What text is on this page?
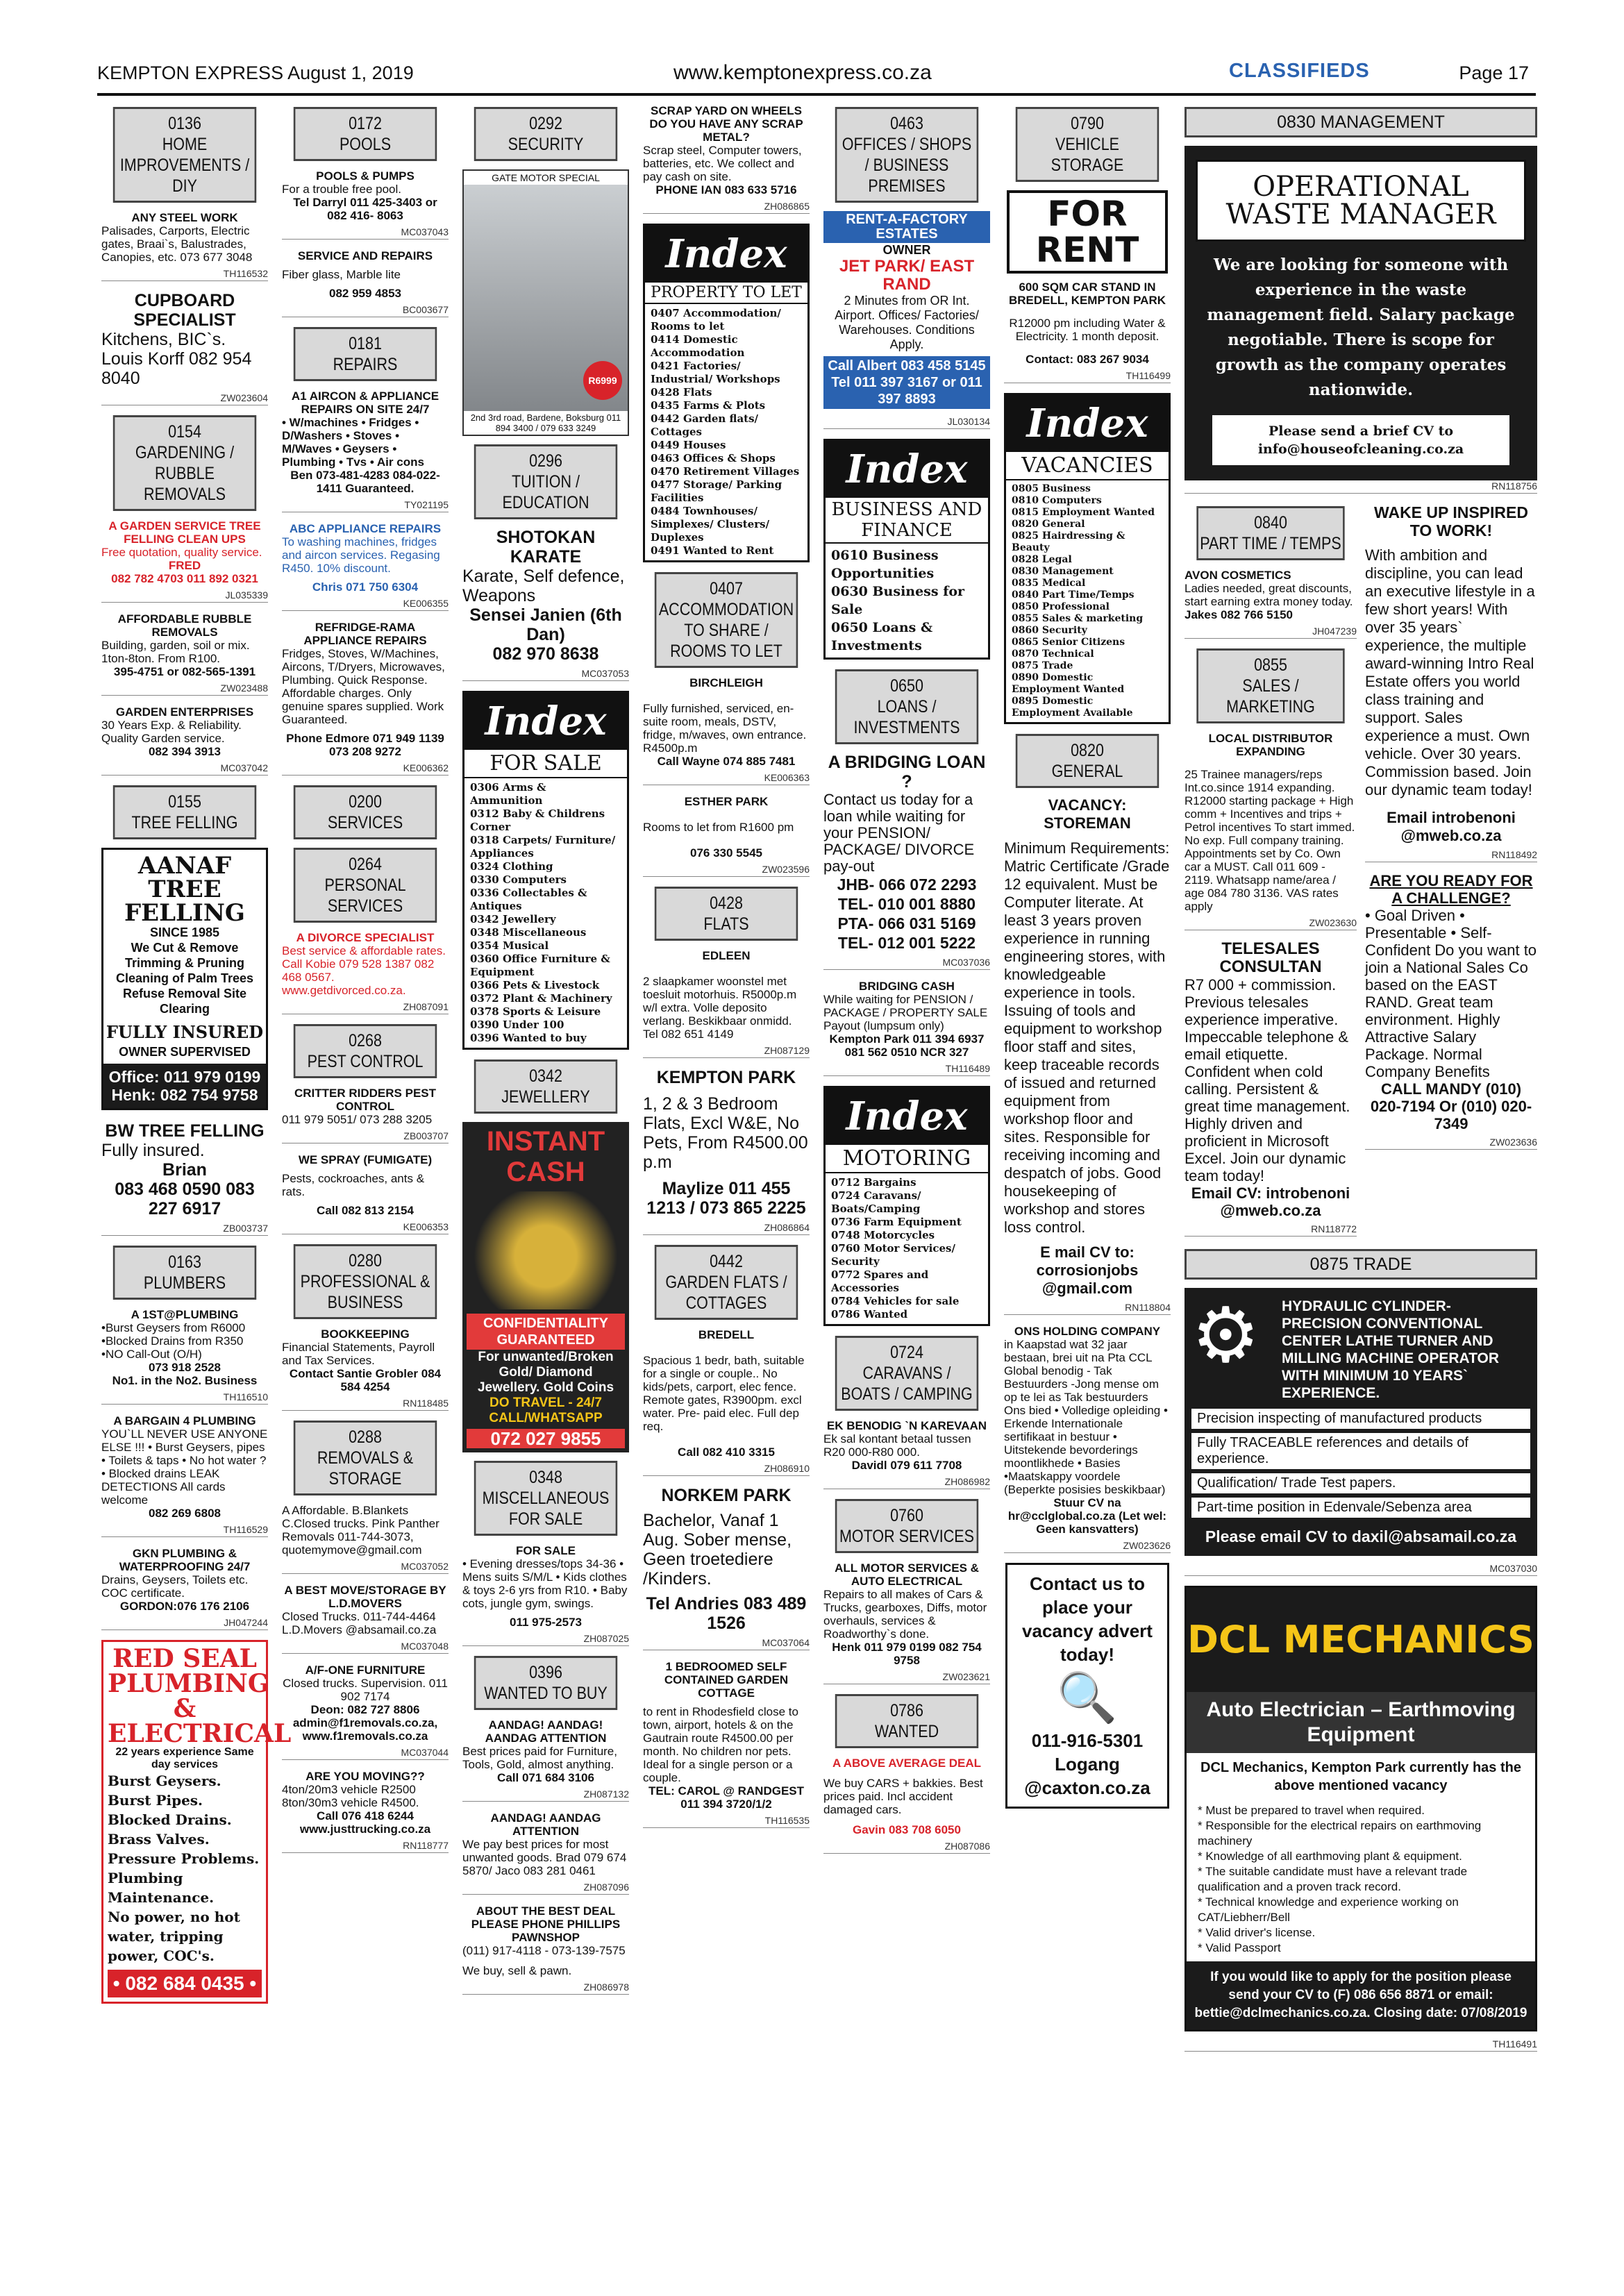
KEMPTON EXPRESS August 1, 2019	www.kemptonexpress.co.za	CLASSIFIEDS	Page 17
0136
HOME IMPROVEMENTS / DIY
ANY STEEL WORK
Palisades, Carports, Electric gates, Braai`s, Balustrades, Canopies, etc. 073 677 3048
TH116532
CUPBOARD SPECIALIST
Kitchens, BIC`s. Louis Korff 082 954 8040
ZW023604
0154
GARDENING / RUBBLE REMOVALS
A GARDEN SERVICE TREE FELLING CLEAN UPS
Free quotation, quality service.
FRED
082 782 4703 011 892 0321
JL035339
AFFORDABLE RUBBLE REMOVALS
Building, garden, soil or mix. 1ton-8ton. From R100.
395-4751 or 082-565-1391
ZW023488
GARDEN ENTERPRISES
30 Years Exp. & Reliability. Quality Garden service.
082 394 3913
MC037042
0155
TREE FELLING
AANAF TREE FELLING
SINCE 1985
We Cut & Remove Trimming & Pruning Cleaning of Palm Trees Refuse Removal Site Clearing
FULLY INSURED
OWNER SUPERVISED
Office: 011 979 0199
Henk: 082 754 9758
BW TREE FELLING
Fully insured.
Brian
083 468 0590 083 227 6917
ZB003737
0163
PLUMBERS
A 1ST@PLUMBING
•Burst Geysers from R6000 •Blocked Drains from R350 •NO Call-Out (O/H)
073 918 2528
No1. in the No2. Business
TH116510
A BARGAIN 4 PLUMBING
YOU`LL NEVER USE ANYONE ELSE !!! • Burst Geysers, pipes • Toilets & taps • No hot water ? • Blocked drains LEAK DETECTIONS All cards welcome
082 269 6808
TH116529
GKN PLUMBING & WATERPROOFING 24/7
Drains, Geysers, Toilets etc. COC certificate.
GORDON:076 176 2106
JH047244
RED SEAL PLUMBING & ELECTRICAL
22 years experience Same day services
Burst Geysers.
Burst Pipes.
Blocked Drains.
Brass Valves.
Pressure Problems.
Plumbing Maintenance.
No power, no hot water, tripping power, COC's.
• 082 684 0435 •
0172
POOLS
POOLS & PUMPS
For a trouble free pool.
Tel Darryl 011 425-3403 or 082 416- 8063
MC037043
SERVICE AND REPAIRS
Fiber glass, Marble lite
082 959 4853
BC003677
0181
REPAIRS
A1 AIRCON & APPLIANCE REPAIRS ON SITE 24/7
• W/machines • Fridges • D/Washers • Stoves • M/Waves • Geysers • Plumbing • Tvs • Air cons
Ben 073-481-4283 084-022-1411 Guaranteed.
TY021195
ABC APPLIANCE REPAIRS
To washing machines, fridges and aircon services. Regasing R450. 10% discount.
Chris 071 750 6304
KE006355
REFRIDGE-RAMA APPLIANCE REPAIRS
Fridges, Stoves, W/Machines, Aircons, T/Dryers, Microwaves, Plumbing. Quick Response. Affordable charges. Only genuine spares supplied. Work Guaranteed.
Phone Edmore 071 949 1139 073 208 9272
KE006362
0200
SERVICES
0264
PERSONAL SERVICES
A DIVORCE SPECIALIST
Best service & affordable rates. Call Kobie 079 528 1387 082 468 0567. www.getdivorced.co.za.
ZH087091
0268
PEST CONTROL
CRITTER RIDDERS PEST CONTROL
011 979 5051/ 073 288 3205
ZB003707
WE SPRAY (FUMIGATE)
Pests, cockroaches, ants & rats.
Call 082 813 2154
KE006353
0280
PROFESSIONAL & BUSINESS
BOOKKEEPING
Financial Statements, Payroll and Tax Services.
Contact Santie Grobler 084 584 4254
RN118485
0288
REMOVALS & STORAGE
A Affordable. B.Blankets C.Closed trucks. Pink Panther Removals 011-744-3073, quotemymove@gmail.com
MC037052
A BEST MOVE/STORAGE BY L.D.MOVERS
Closed Trucks. 011-744-4464 L.D.Movers @absamail.co.za
MC037048
A/F-ONE FURNITURE
Closed trucks. Supervision. 011 902 7174
Deon: 082 727 8806 admin@f1removals.co.za, www.f1removals.co.za
MC037044
ARE YOU MOVING??
4ton/20m3 vehicle R2500 8ton/30m3 vehicle R4500.
Call 076 418 6244 www.justtrucking.co.za
RN118777
0292
SECURITY
GATE MOTOR SPECIAL
R6999
2nd 3rd road, Bardene, Boksburg 011 894 3400 / 079 633 3249
0296
TUITION / EDUCATION
SHOTOKAN KARATE
Karate, Self defence, Weapons
Sensei Janien (6th Dan)
082 970 8638
MC037053
Index
FOR SALE
0306 Arms & Ammunition
0312 Baby & Childrens Corner
0318 Carpets/ Furniture/ Appliances
0324 Clothing
0330 Computers
0336 Collectables & Antiques
0342 Jewellery
0348 Miscellaneous
0354 Musical
0360 Office Furniture & Equipment
0366 Pets & Livestock
0372 Plant & Machinery
0378 Sports & Leisure
0390 Under 100
0396 Wanted to buy
0342
JEWELLERY
INSTANT CASH
CONFIDENTIALITY GUARANTEED
For unwanted/Broken Gold/ Diamond Jewellery. Gold Coins
DO TRAVEL - 24/7 CALL/WHATSAPP
072 027 9855
0348
MISCELLANEOUS FOR SALE
FOR SALE
• Evening dresses/tops 34-36 • Mens suits S/M/L • Kids clothes & toys 2-6 yrs from R10. • Baby cots, jungle gym, swings.
011 975-2573
ZH087025
0396
WANTED TO BUY
AANDAG! AANDAG! AANDAG ATTENTION
Best prices paid for Furniture, Tools, Gold, almost anything.
Call 071 684 3106
ZH087132
AANDAG! AANDAG ATTENTION
We pay best prices for most unwanted goods. Brad 079 674 5870/ Jaco 083 281 0461
ZH087096
ABOUT THE BEST DEAL PLEASE PHONE PHILLIPS PAWNSHOP
(011) 917-4118 - 073-139-7575
We buy, sell & pawn.
ZH086978
SCRAP YARD ON WHEELS DO YOU HAVE ANY SCRAP METAL?
Scrap steel, Computer towers, batteries, etc. We collect and pay cash on site.
PHONE IAN 083 633 5716
ZH086865
Index
PROPERTY TO LET
0407 Accommodation/ Rooms to let
0414 Domestic Accommodation
0421 Factories/ Industrial/ Workshops
0428 Flats
0435 Farms & Plots
0442 Garden flats/ Cottages
0449 Houses
0463 Offices & Shops
0470 Retirement Villages
0477 Storage/ Parking Facilities
0484 Townhouses/ Simplexes/ Clusters/ Duplexes
0491 Wanted to Rent
0407
ACCOMMODATION TO SHARE / ROOMS TO LET
BIRCHLEIGH
Fully furnished, serviced, en-suite room, meals, DSTV, fridge, m/waves, own entrance. R4500p.m
Call Wayne 074 885 7481
KE006363
ESTHER PARK
Rooms to let from R1600 pm
076 330 5545
ZW023596
0428
FLATS
EDLEEN
2 slaapkamer woonstel met toesluit motorhuis. R5000p.m w/l extra. Volle deposito verlang. Beskikbaar onmidd. Tel 082 651 4149
ZH087129
KEMPTON PARK
1, 2 & 3 Bedroom Flats, Excl W&E, No Pets, From R4500.00 p.m
Maylize 011 455 1213 / 073 865 2225
ZH086864
0442
GARDEN FLATS / COTTAGES
BREDELL
Spacious 1 bedr, bath, suitable for a single or couple.. No kids/pets, carport, elec fence. Remote gates, R3900pm. excl water. Pre- paid elec. Full dep req.
Call 082 410 3315
ZH086910
NORKEM PARK
Bachelor, Vanaf 1 Aug. Sober mense, Geen troetediere /Kinders.
Tel Andries 083 489 1526
MC037064
1 BEDROOMED SELF CONTAINED GARDEN COTTAGE
to rent in Rhodesfield close to town, airport, hotels & on the Gautrain route R4500.00 per month. No children nor pets. Ideal for a single person or a couple.
TEL: CAROL @ RANDGEST 011 394 3720/1/2
TH116535
0463
OFFICES / SHOPS / BUSINESS PREMISES
RENT-A-FACTORY ESTATES
OWNER
JET PARK/ EAST RAND
2 Minutes from OR Int. Airport. Offices/ Factories/ Warehouses. Conditions Apply.
Call Albert 083 458 5145 Tel 011 397 3167 or 011 397 8893
JL030134
Index
BUSINESS AND FINANCE
0610 Business Opportunities
0630 Business for Sale
0650 Loans & Investments
0650
LOANS / INVESTMENTS
A BRIDGING LOAN ?
Contact us today for a loan while waiting for your PENSION/ PACKAGE/ DIVORCE pay-out
JHB- 066 072 2293 TEL- 010 001 8880 PTA- 066 031 5169 TEL- 012 001 5222
MC037036
BRIDGING CASH
While waiting for PENSION / PACKAGE / PROPERTY SALE Payout (lumpsum only)
Kempton Park 011 394 6937 081 562 0510 NCR 327
TH116489
Index
MOTORING
0712 Bargains
0724 Caravans/ Boats/Camping
0736 Farm Equipment
0748 Motorcycles
0760 Motor Services/ Security
0772 Spares and Accessories
0784 Vehicles for sale
0786 Wanted
0724
CARAVANS / BOATS / CAMPING
EK BENODIG `N KAREVAAN
Ek sal kontant betaal tussen R20 000-R80 000.
Davidl 079 611 7708
ZH086982
0760
MOTOR SERVICES
ALL MOTOR SERVICES & AUTO ELECTRICAL
Repairs to all makes of Cars & Trucks, gearboxes, Diffs, motor overhauls, services & Roadworthy`s done.
Henk 011 979 0199 082 754 9758
ZW023621
0786
WANTED
A ABOVE AVERAGE DEAL
We buy CARS + bakkies. Best prices paid. Incl accident damaged cars.
Gavin 083 708 6050
ZH087086
0790
VEHICLE STORAGE
FOR RENT
600 SQM CAR STAND IN BREDELL, KEMPTON PARK
R12000 pm including Water & Electricity. 1 month deposit.
Contact: 083 267 9034
TH116499
Index
VACANCIES
0805 Business
0810 Computers
0815 Employment Wanted
0820 General
0825 Hairdressing & Beauty
0828 Legal
0830 Management
0835 Medical
0840 Part Time/Temps
0850 Professional
0855 Sales & marketing
0860 Security
0865 Senior Citizens
0870 Technical
0875 Trade
0890 Domestic Employment Wanted
0895 Domestic Employment Available
0820
GENERAL
VACANCY: STOREMAN
Minimum Requirements: Matric Certificate /Grade 12 equivalent. Must be Computer literate. At least 3 years proven experience in running engineering stores, with knowledgeable experience in tools. Issuing of tools and equipment to workshop floor staff and sites, keep traceable records of issued and returned equipment from workshop floor and sites. Responsible for receiving incoming and despatch of jobs. Good housekeeping of workshop and stores loss control.
E mail CV to: corrosionjobs @gmail.com
RN118804
ONS HOLDING COMPANY
in Kaapstad wat 32 jaar bestaan, brei uit na Pta CCL Global benodig - Tak Bestuurders -Jong mense om op te lei as Tak bestuurders Ons bied • Volledige opleiding • Erkende Internationale sertifikaat in bestuur • Uitstekende bevorderings moontlikhede • Basies •Maatskappy voordele (Beperkte posisies beskikbaar)
Stuur CV na hr@cclglobal.co.za (Let wel: Geen kansvatters)
ZW023626
Contact us to place your vacancy advert today!
🔍
011-916-5301
Logang
@caxton.co.za
0830 MANAGEMENT
OPERATIONAL WASTE MANAGER
We are looking for someone with experience in the waste management field. Salary package negotiable. There is scope for growth as the company operates nationwide.
Please send a brief CV to info@houseofcleaning.co.za
RN118756
0840
PART TIME / TEMPS
AVON COSMETICS
Ladies needed, great discounts, start earning extra money today.
Jakes 082 766 5150
JH047239
0855
SALES / MARKETING
LOCAL DISTRIBUTOR EXPANDING
25 Trainee managers/reps Int.co.since 1914 expanding. R12000 starting package + High comm + Incentives and trips + Petrol incentives To start immed. No exp. Full company training. Appointments set by Co. Own car a MUST. Call 011 609 - 2119. Whatsapp name/area / age 084 780 3136. VAS rates apply
ZW023630
TELESALES CONSULTAN
R7 000 + commission. Previous telesales experience imperative. Impeccable telephone & email etiquette. Confident when cold calling. Persistent & great time management. Highly driven and proficient in Microsoft Excel. Join our dynamic team today!
Email CV: introbenoni @mweb.co.za
RN118772
WAKE UP INSPIRED TO WORK!
With ambition and discipline, you can lead an executive lifestyle in a few short years! With over 35 years` experience, the multiple award-winning Intro Real Estate offers you world class training and support. Sales experience a must. Own vehicle. Over 30 years. Commission based. Join our dynamic team today!
Email introbenoni @mweb.co.za
RN118492
ARE YOU READY FOR A CHALLENGE?
• Goal Driven • Presentable • Self-Confident Do you want to join a National Sales Co based on the EAST RAND. Great team environment. Highly Attractive Salary Package. Normal Company Benefits
CALL MANDY (010) 020-7194 Or (010) 020-7349
ZW023636
0875 TRADE
⚙ HYDRAULIC CYLINDER-PRECISION CONVENTIONAL CENTER LATHE TURNER AND MILLING MACHINE OPERATOR WITH MINIMUM 10 YEARS` EXPERIENCE.
Precision inspecting of manufactured products
Fully TRACEABLE references and details of experience.
Qualification/ Trade Test papers.
Part-time position in Edenvale/Sebenza area
Please email CV to daxil@absamail.co.za
MC037030
DCL MECHANICS
Auto Electrician – Earthmoving Equipment
DCL Mechanics, Kempton Park currently has the above mentioned vacancy
* Must be prepared to travel when required.
* Responsible for the electrical repairs on earthmoving machinery
* Knowledge of all earthmoving plant & equipment.
* The suitable candidate must have a relevant trade qualification and a proven track record.
* Technical knowledge and experience working on CAT/Liebherr/Bell
* Valid driver's license.
* Valid Passport
If you would like to apply for the position please send your CV to (F) 086 656 8871 or email: bettie@dclmechanics.co.za. Closing date: 07/08/2019
TH116491
